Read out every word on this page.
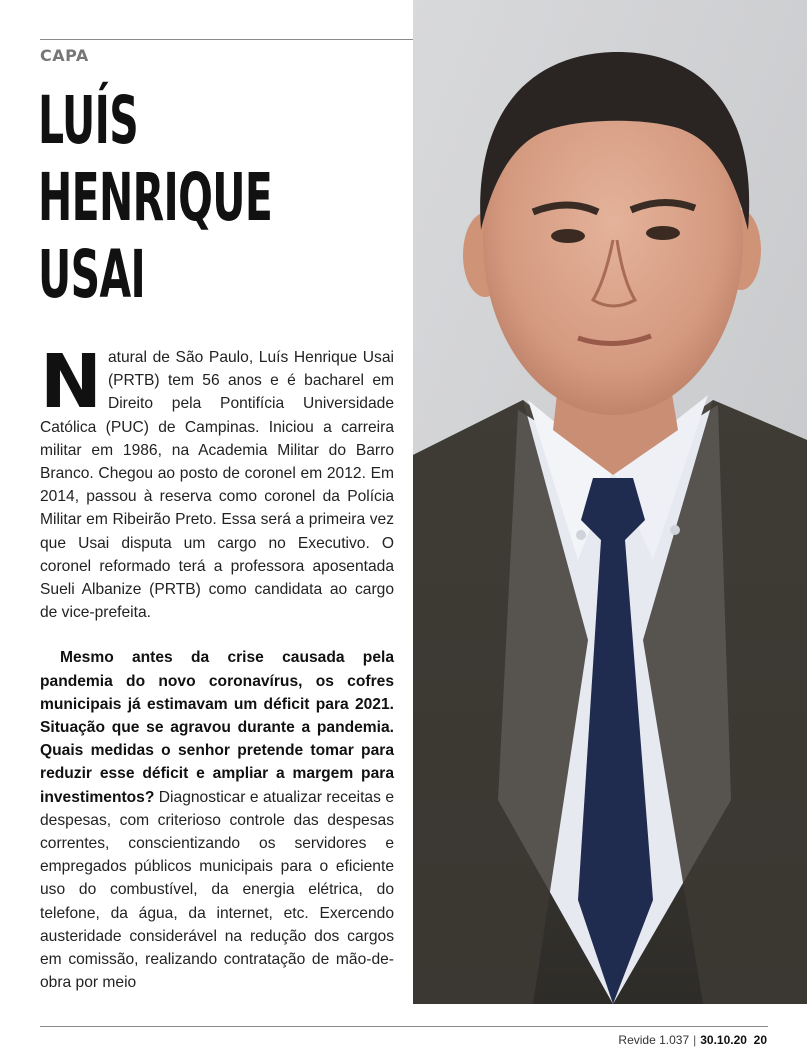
CAPA
LUÍS
HENRIQUE
USAI

Natural de São Paulo, Luís Henrique Usai (PRTB) tem 56 anos e é bacharel em Direito pela Pontifícia Universidade Católica (PUC) de Campinas. Iniciou a carreira militar em 1986, na Academia Militar do Barro Branco. Chegou ao posto de coronel em 2012. Em 2014, passou à reserva como coronel da Polícia Militar em Ribeirão Preto. Essa será a primeira vez que Usai disputa um cargo no Executivo. O coronel reformado terá a professora aposentada Sueli Albanize (PRTB) como candidata ao cargo de vice-prefeita.

Mesmo antes da crise causada pela pandemia do novo coronavírus, os cofres municipais já estimavam um déficit para 2021. Situação que se agravou durante a pandemia. Quais medidas o senhor pretende tomar para reduzir esse déficit e ampliar a margem para investimentos? Diagnosticar e atualizar receitas e despesas, com criterioso controle das despesas correntes, conscientizando os servidores e empregados públicos municipais para o eficiente uso do combustível, da energia elétrica, do telefone, da água, da internet, etc. Exercendo austeridade considerável na redução dos cargos em comissão, realizando contratação de mão-de-obra por meio

Revide 1.037 | 30.10.20 20
